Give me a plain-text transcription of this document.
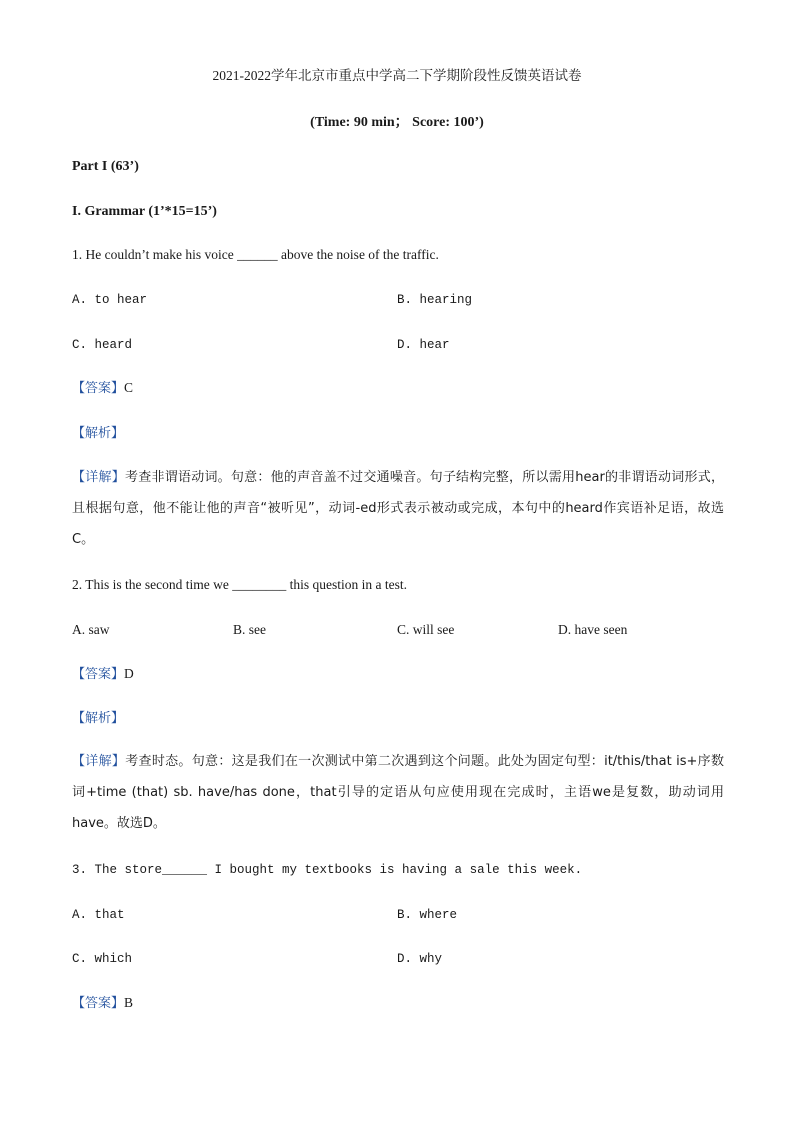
2021-2022学年北京市重点中学高二下学期阶段性反馈英语试卷
(Time: 90 min； Score: 100’)
Part I (63’)
I. Grammar (1’*15=15’)
1. He couldn’t make his voice ______ above the noise of the traffic.
A. to hear	B. hearing
C. heard	D. hear
【答案】C
【解析】
【详解】考查非谓语动词。句意：他的声音盖不过交通噪音。句子结构完整，所以需用hear的非谓语动词形式，且根据句意，他不能让他的声音“被听见”，动词-ed形式表示被动或完成，本句中的heard作宾语补足语，故选C。
2. This is the second time we ________ this question in a test.
A. saw	B. see	C. will see	D. have seen
【答案】D
【解析】
【详解】考查时态。句意：这是我们在一次测试中第二次遇到这个问题。此处为固定句型：it/this/that is+序数词+time (that) sb. have/has done，that引导的定语从句应使用现在完成时，主语we是复数，助动词用have。故选D。
3. The store______ I bought my textbooks is having a sale this week.
A. that	B. where
C. which	D. why
【答案】B
